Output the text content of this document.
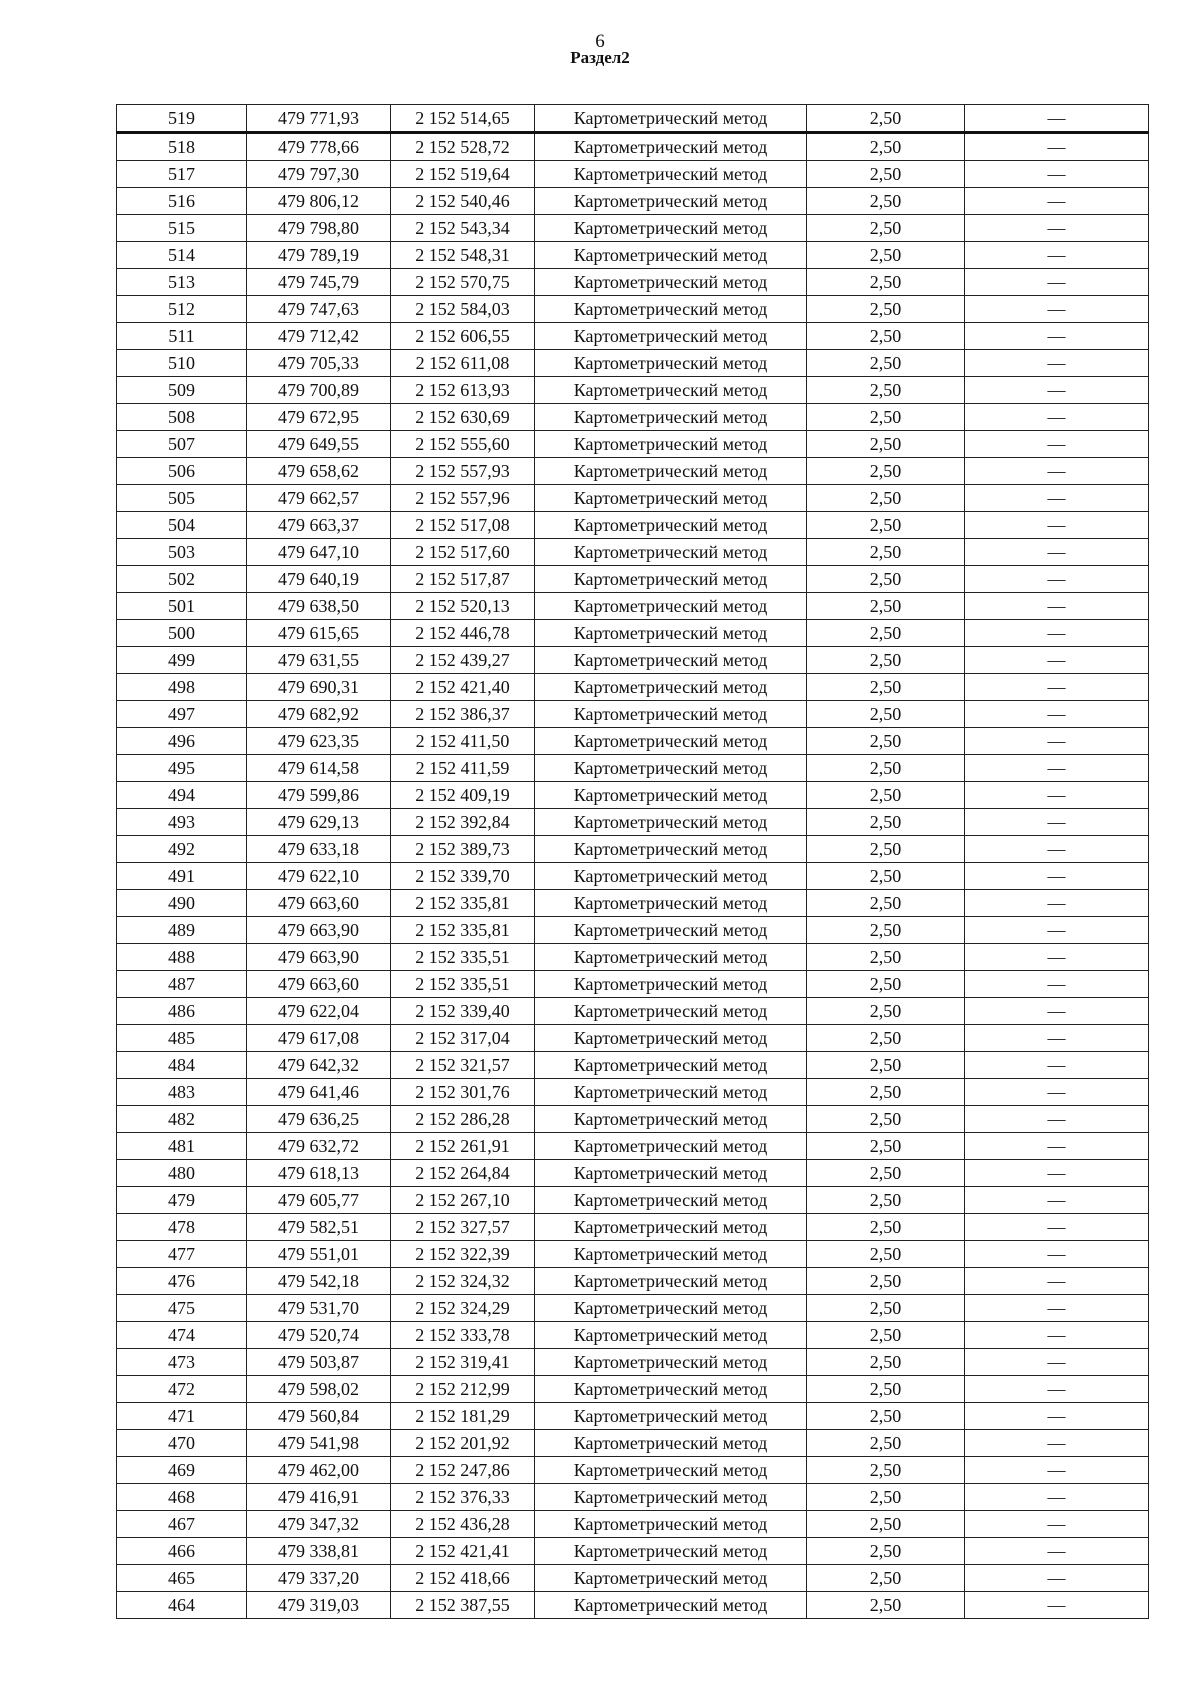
6
Раздел2
519	479 771,93	2 152 514,65	Картометрический метод	2,50	—
518	479 778,66	2 152 528,72	Картометрический метод	2,50	—
517	479 797,30	2 152 519,64	Картометрический метод	2,50	—
516	479 806,12	2 152 540,46	Картометрический метод	2,50	—
515	479 798,80	2 152 543,34	Картометрический метод	2,50	—
514	479 789,19	2 152 548,31	Картометрический метод	2,50	—
513	479 745,79	2 152 570,75	Картометрический метод	2,50	—
512	479 747,63	2 152 584,03	Картометрический метод	2,50	—
511	479 712,42	2 152 606,55	Картометрический метод	2,50	—
510	479 705,33	2 152 611,08	Картометрический метод	2,50	—
509	479 700,89	2 152 613,93	Картометрический метод	2,50	—
508	479 672,95	2 152 630,69	Картометрический метод	2,50	—
507	479 649,55	2 152 555,60	Картометрический метод	2,50	—
506	479 658,62	2 152 557,93	Картометрический метод	2,50	—
505	479 662,57	2 152 557,96	Картометрический метод	2,50	—
504	479 663,37	2 152 517,08	Картометрический метод	2,50	—
503	479 647,10	2 152 517,60	Картометрический метод	2,50	—
502	479 640,19	2 152 517,87	Картометрический метод	2,50	—
501	479 638,50	2 152 520,13	Картометрический метод	2,50	—
500	479 615,65	2 152 446,78	Картометрический метод	2,50	—
499	479 631,55	2 152 439,27	Картометрический метод	2,50	—
498	479 690,31	2 152 421,40	Картометрический метод	2,50	—
497	479 682,92	2 152 386,37	Картометрический метод	2,50	—
496	479 623,35	2 152 411,50	Картометрический метод	2,50	—
495	479 614,58	2 152 411,59	Картометрический метод	2,50	—
494	479 599,86	2 152 409,19	Картометрический метод	2,50	—
493	479 629,13	2 152 392,84	Картометрический метод	2,50	—
492	479 633,18	2 152 389,73	Картометрический метод	2,50	—
491	479 622,10	2 152 339,70	Картометрический метод	2,50	—
490	479 663,60	2 152 335,81	Картометрический метод	2,50	—
489	479 663,90	2 152 335,81	Картометрический метод	2,50	—
488	479 663,90	2 152 335,51	Картометрический метод	2,50	—
487	479 663,60	2 152 335,51	Картометрический метод	2,50	—
486	479 622,04	2 152 339,40	Картометрический метод	2,50	—
485	479 617,08	2 152 317,04	Картометрический метод	2,50	—
484	479 642,32	2 152 321,57	Картометрический метод	2,50	—
483	479 641,46	2 152 301,76	Картометрический метод	2,50	—
482	479 636,25	2 152 286,28	Картометрический метод	2,50	—
481	479 632,72	2 152 261,91	Картометрический метод	2,50	—
480	479 618,13	2 152 264,84	Картометрический метод	2,50	—
479	479 605,77	2 152 267,10	Картометрический метод	2,50	—
478	479 582,51	2 152 327,57	Картометрический метод	2,50	—
477	479 551,01	2 152 322,39	Картометрический метод	2,50	—
476	479 542,18	2 152 324,32	Картометрический метод	2,50	—
475	479 531,70	2 152 324,29	Картометрический метод	2,50	—
474	479 520,74	2 152 333,78	Картометрический метод	2,50	—
473	479 503,87	2 152 319,41	Картометрический метод	2,50	—
472	479 598,02	2 152 212,99	Картометрический метод	2,50	—
471	479 560,84	2 152 181,29	Картометрический метод	2,50	—
470	479 541,98	2 152 201,92	Картометрический метод	2,50	—
469	479 462,00	2 152 247,86	Картометрический метод	2,50	—
468	479 416,91	2 152 376,33	Картометрический метод	2,50	—
467	479 347,32	2 152 436,28	Картометрический метод	2,50	—
466	479 338,81	2 152 421,41	Картометрический метод	2,50	—
465	479 337,20	2 152 418,66	Картометрический метод	2,50	—
464	479 319,03	2 152 387,55	Картометрический метод	2,50	—
